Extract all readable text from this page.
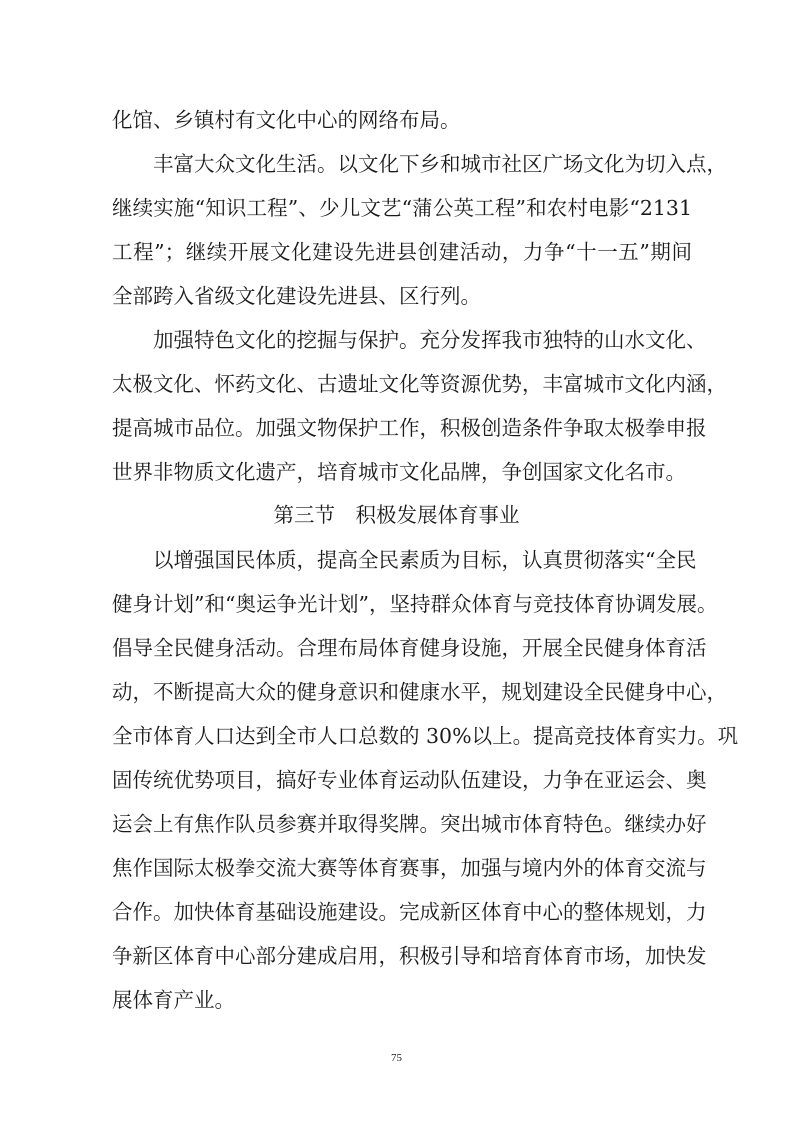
化馆、乡镇村有文化中心的网络布局。
丰富大众文化生活。以文化下乡和城市社区广场文化为切入点，
继续实施“知识工程”、少儿文艺“蒲公英工程”和农村电影“2131
工程”；继续开展文化建设先进县创建活动，力争“十一五”期间
全部跨入省级文化建设先进县、区行列。
加强特色文化的挖掘与保护。充分发挥我市独特的山水文化、
太极文化、怀药文化、古遗址文化等资源优势，丰富城市文化内涵，
提高城市品位。加强文物保护工作，积极创造条件争取太极拳申报
世界非物质文化遗产，培育城市文化品牌，争创国家文化名市。
第三节　积极发展体育事业
以增强国民体质，提高全民素质为目标，认真贯彻落实“全民
健身计划”和“奥运争光计划”，坚持群众体育与竞技体育协调发展。
倡导全民健身活动。合理布局体育健身设施，开展全民健身体育活
动，不断提高大众的健身意识和健康水平，规划建设全民健身中心，
全市体育人口达到全市人口总数的 30%以上。提高竞技体育实力。巩
固传统优势项目，搞好专业体育运动队伍建设，力争在亚运会、奥
运会上有焦作队员参赛并取得奖牌。突出城市体育特色。继续办好
焦作国际太极拳交流大赛等体育赛事，加强与境内外的体育交流与
合作。加快体育基础设施建设。完成新区体育中心的整体规划，力
争新区体育中心部分建成启用，积极引导和培育体育市场，加快发
展体育产业。
75
